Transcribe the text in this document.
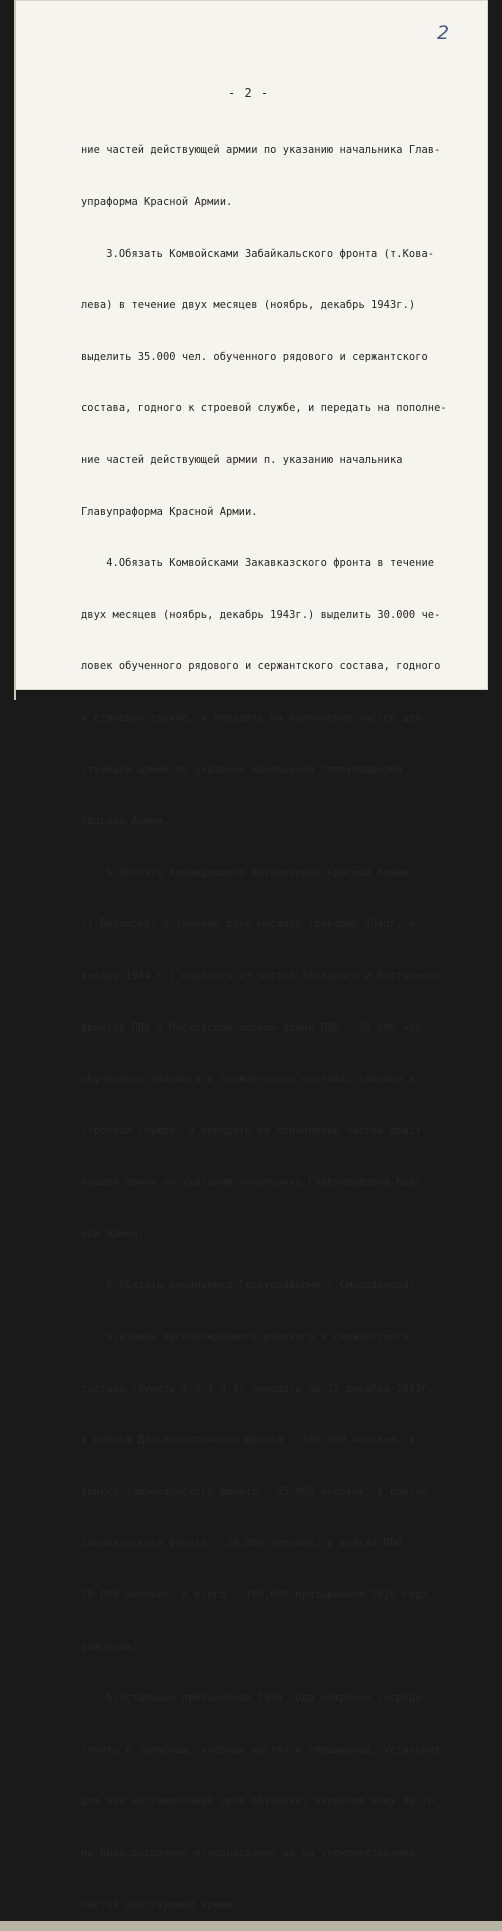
2
- 2 -

ние частей действующей армии по указанию начальника Глав-

упраформа Красной Армии.

3.Обязать Комвойсками Забайкальского фронта (т.Кова-

лева) в течение двух месяцев (ноябрь, декабрь 1943г.)

выделить 35.000 чел. обученного рядового и сержантского

состава, годного к строевой службе, и передать на пополне-

ние частей действующей армии п. указанию начальника

Главупраформа Красной Армии.

4.Обязать Комвойсками Закавказского фронта в течение

двух месяцев (ноябрь, декабрь 1943г.) выделить 30.000 че-

ловек обученного рядового и сержантского состава, годного

к строевой службе, и передать на пополнение частей дей-

ствующей армии по указанию начальника Главупраформа

Красной Армии.

5.Обязать Командующего Артиллерией Красной Армии

(т.Воронова) в течение двух месяцев (декабрь 1943г. и

январь 1944 г.) выделить из частей Западного и Восточного

фронтов ПВО и Московской особой армии ПВО - 30.000 чел.

обученного рядового и сержантского состава, годного к

строевой службе, и передать на пополнение частей дейст-

вующей армии по указанию начальника Главупраформа Крас-

ной Армии.

6.Обязать начальника Главупраформа т.Смородинова:

а)взамен высвобождаемого рядового и сержантского

состава (пункты 2,3,4 и 5) передать до 15 декабря 1943г.:

в войска Дальневосточного фронта - 100.000 человек, в

войска Забайкальского фронта - 35.000 человек, в войска

Закавказского фронта - 30.000 человек, в войска ПВО -

30.000 человек, а всего - 195.000 призывников 1926 года

рождения;

б)остальных призывников 1926 года рождения сосредо-

точить в запасных, учебных частях и спецшколах, установив

для них шестимесячный срок обучения, запретив кому бы то

ни было досрочное использование их на укомплектование

частей действующей армии.
